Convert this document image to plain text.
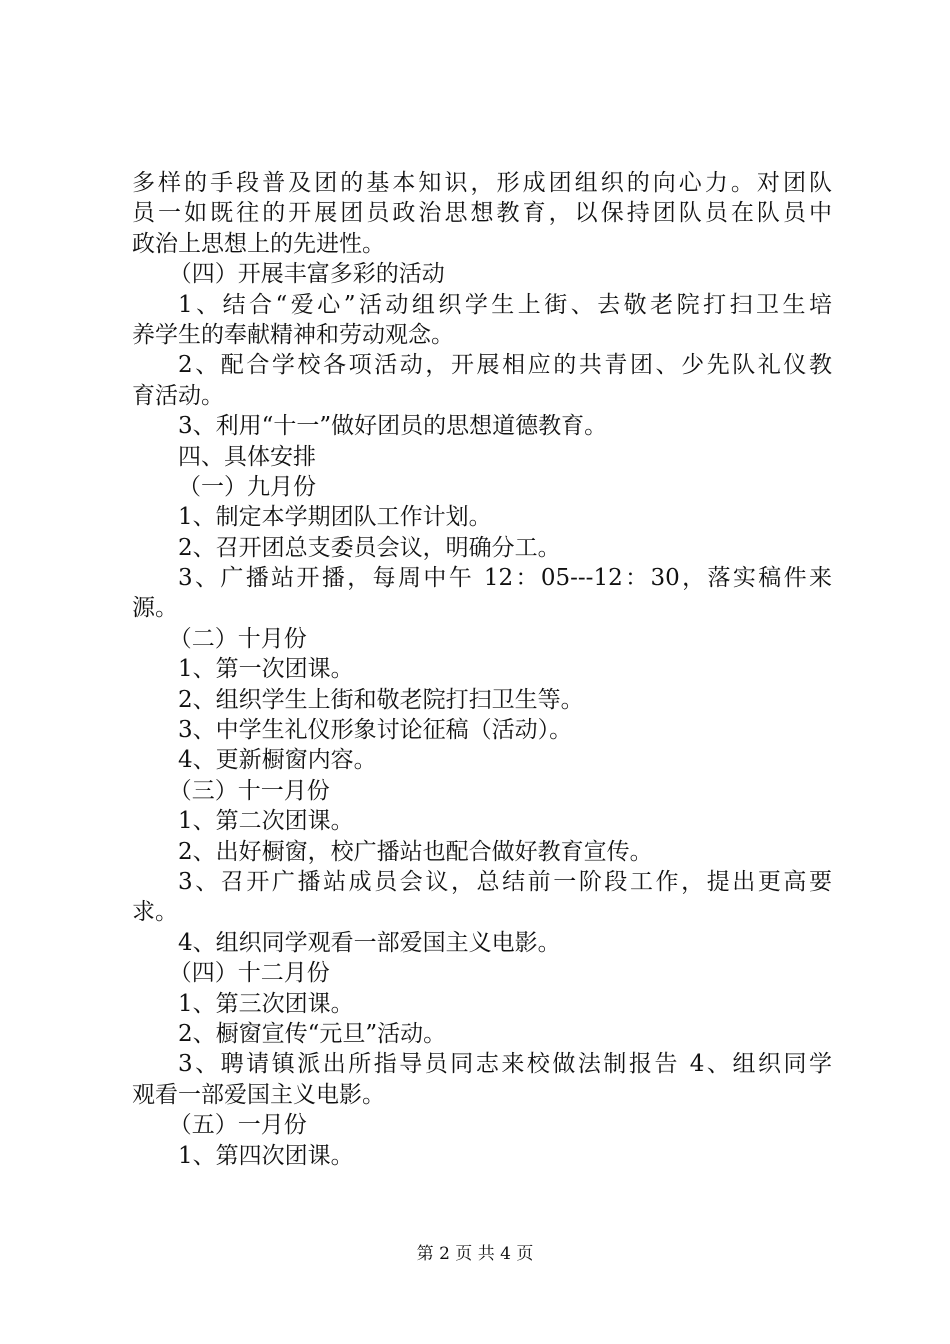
多样的手段普及团的基本知识，形成团组织的向心力。对团队
员一如既往的开展团员政治思想教育，以保持团队员在队员中
政治上思想上的先进性。
（四）开展丰富多彩的活动
1、结合“爱心”活动组织学生上街、去敬老院打扫卫生培
养学生的奉献精神和劳动观念。
2、配合学校各项活动，开展相应的共青团、少先队礼仪教
育活动。
3、利用“十一”做好团员的思想道德教育。
四、具体安排
（一）九月份
1、制定本学期团队工作计划。
2、召开团总支委员会议，明确分工。
3、广播站开播，每周中午 12：05---12：30，落实稿件来
源。
（二）十月份
1、第一次团课。
2、组织学生上街和敬老院打扫卫生等。
3、中学生礼仪形象讨论征稿（活动）。
4、更新橱窗内容。
（三）十一月份
1、第二次团课。
2、出好橱窗，校广播站也配合做好教育宣传。
3、召开广播站成员会议，总结前一阶段工作，提出更高要
求。
4、组织同学观看一部爱国主义电影。
（四）十二月份
1、第三次团课。
2、橱窗宣传“元旦”活动。
3、聘请镇派出所指导员同志来校做法制报告 4、组织同学
观看一部爱国主义电影。
（五）一月份
1、第四次团课。
第 2 页 共 4 页
